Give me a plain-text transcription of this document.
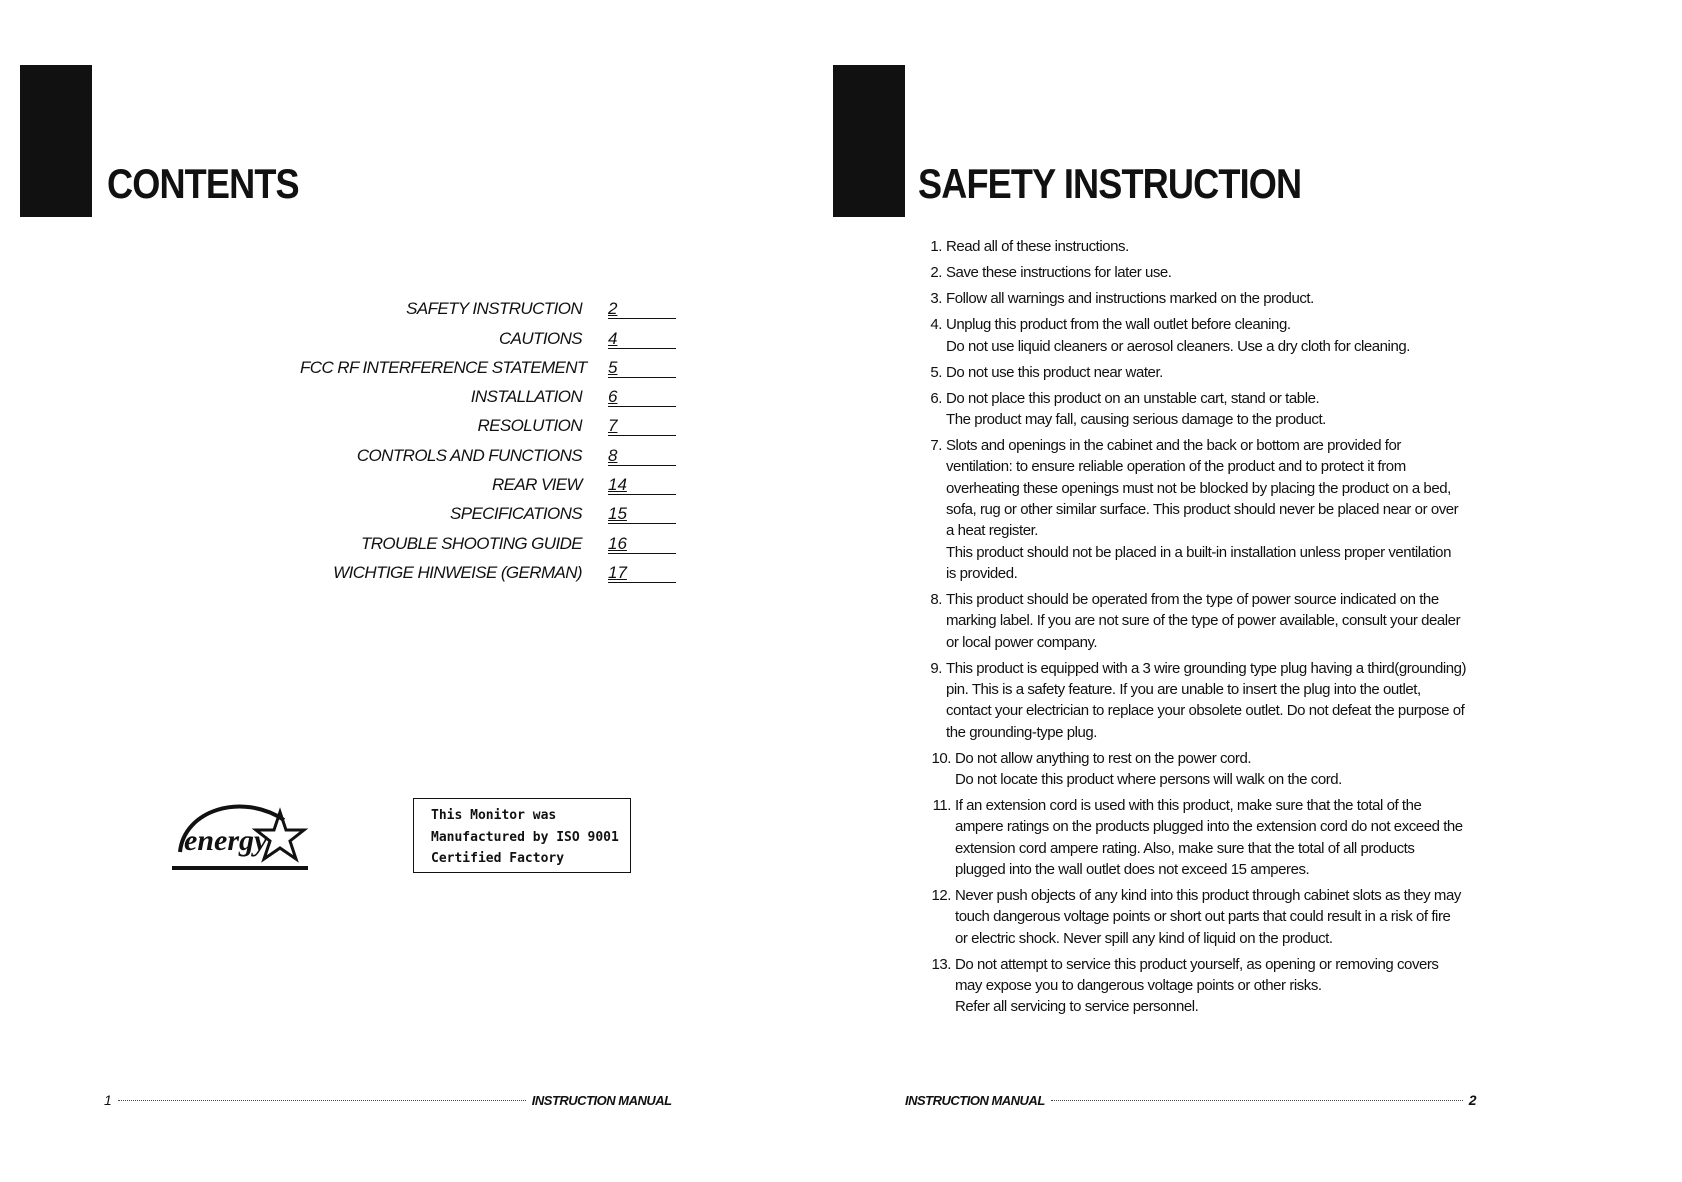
CONTENTS
SAFETY INSTRUCTION 2
CAUTIONS 4
FCC RF INTERFERENCE STATEMENT 5
INSTALLATION 6
RESOLUTION 7
CONTROLS AND FUNCTIONS 8
REAR VIEW 14
SPECIFICATIONS 15
TROUBLE SHOOTING GUIDE 16
WICHTIGE HINWEISE (GERMAN) 17
energy
This Monitor was
Manufactured by ISO 9001
Certified Factory
1	INSTRUCTION MANUAL
SAFETY INSTRUCTION
1. Read all of these instructions.
2. Save these instructions for later use.
3. Follow all warnings and instructions marked on the product.
4. Unplug this product from the wall outlet before cleaning.
Do not use liquid cleaners or aerosol cleaners. Use a dry cloth for cleaning.
5. Do not use this product near water.
6. Do not place this product on an unstable cart, stand or table.
The product may fall, causing serious damage to the product.
7. Slots and openings in the cabinet and the back or bottom are provided for
ventilation: to ensure reliable operation of the product and to protect it from
overheating these openings must not be blocked by placing the product on a bed,
sofa, rug or other similar surface. This product should never be placed near or over
a heat register.
This product should not be placed in a built-in installation unless proper ventilation
is provided.
8. This product should be operated from the type of power source indicated on the
marking label. If you are not sure of the type of power available, consult your dealer
or local power company.
9. This product is equipped with a 3 wire grounding type plug having a third(grounding)
pin. This is a safety feature. If you are unable to insert the plug into the outlet,
contact your electrician to replace your obsolete outlet. Do not defeat the purpose of
the grounding-type plug.
10. Do not allow anything to rest on the power cord.
Do not locate this product where persons will walk on the cord.
11. If an extension cord is used with this product, make sure that the total of the
ampere ratings on the products plugged into the extension cord do not exceed the
extension cord ampere rating. Also, make sure that the total of all products
plugged into the wall outlet does not exceed 15 amperes.
12. Never push objects of any kind into this product through cabinet slots as they may
touch dangerous voltage points or short out parts that could result in a risk of fire
or electric shock. Never spill any kind of liquid on the product.
13. Do not attempt to service this product yourself, as opening or removing covers
may expose you to dangerous voltage points or other risks.
Refer all servicing to service personnel.
INSTRUCTION MANUAL	2
